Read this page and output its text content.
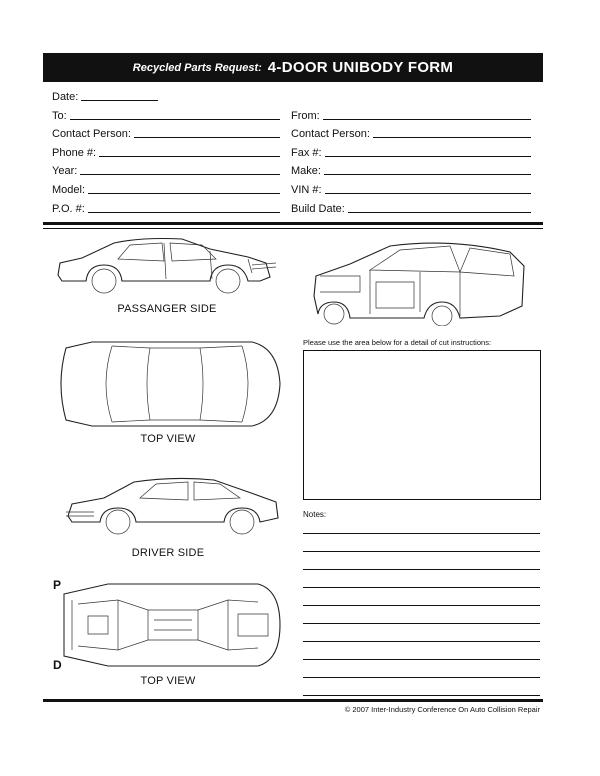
Recycled Parts Request: 4-DOOR UNIBODY FORM
Date:
To:	From:
Contact Person:	Contact Person:
Phone #:	Fax #:
Year:	Make:
Model:	VIN #:
P.O. #:	Build Date:
PASSANGER SIDE
TOP VIEW
Please use the area below for a detail of cut instructions:
DRIVER SIDE
Notes:
P
D
TOP VIEW
© 2007 Inter-Industry Conference On Auto Collision Repair
